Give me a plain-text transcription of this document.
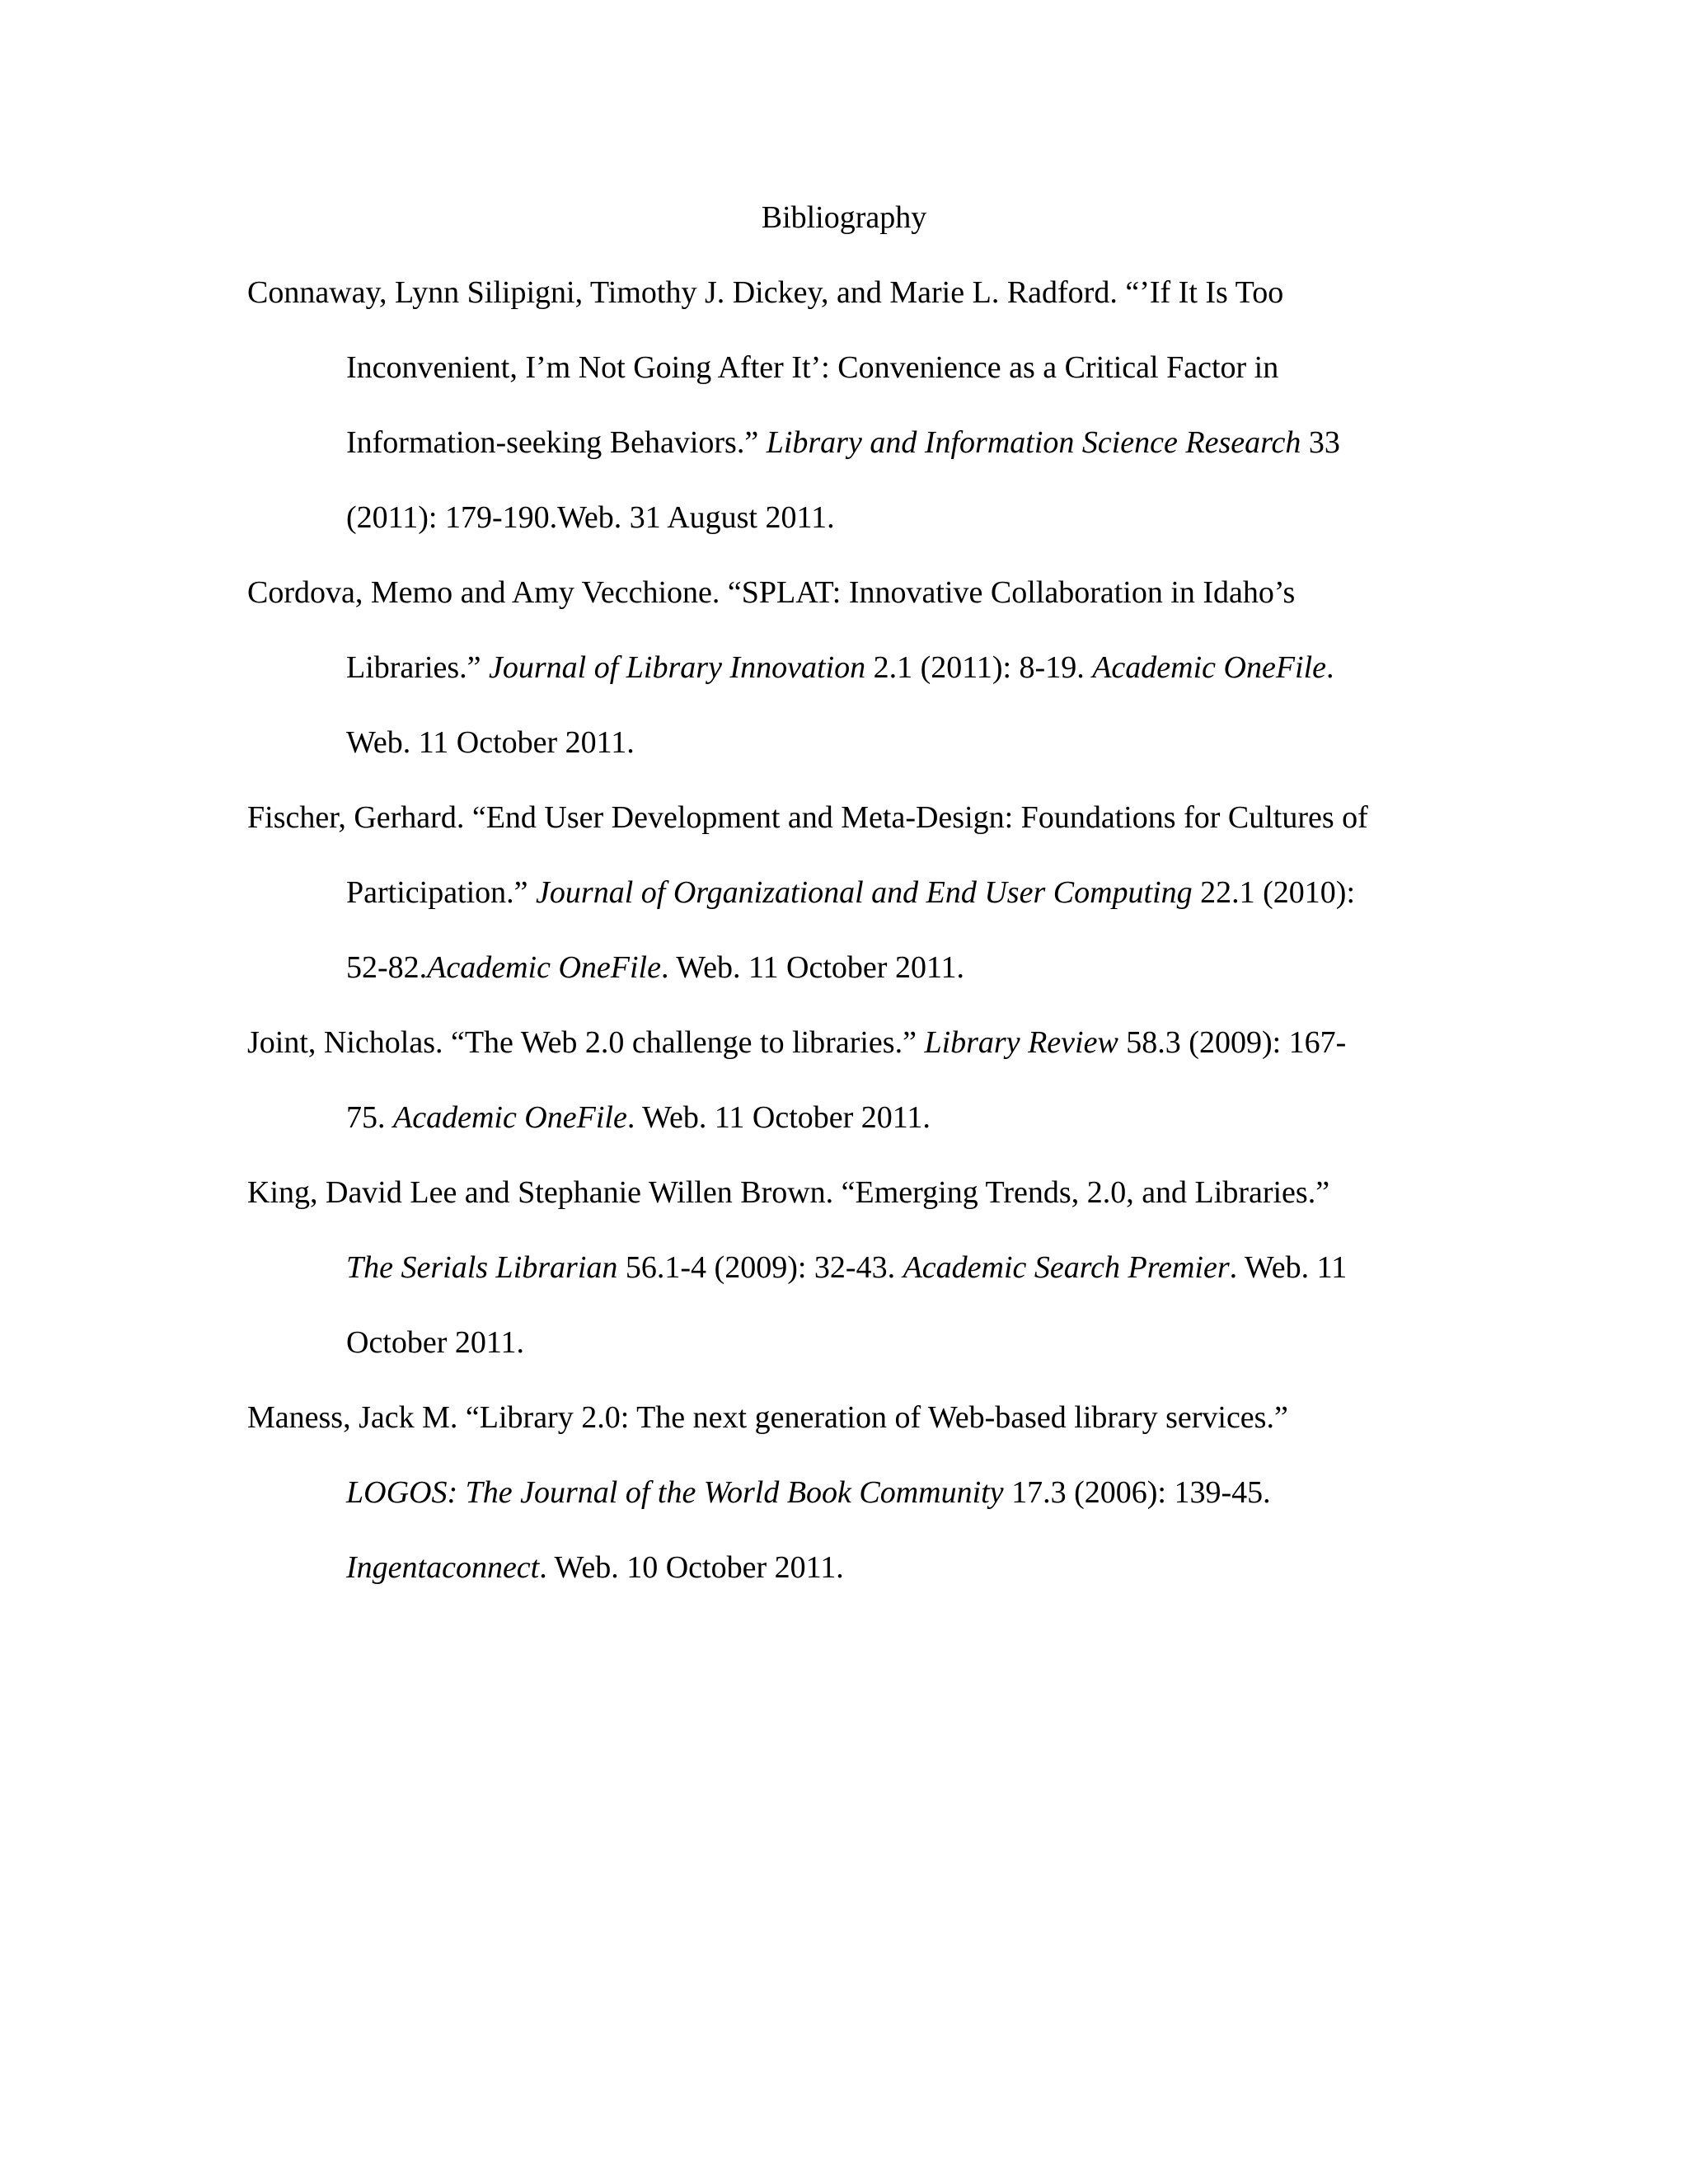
Bibliography

Connaway, Lynn Silipigni, Timothy J. Dickey, and Marie L. Radford. “’If It Is Too

Inconvenient, I’m Not Going After It’: Convenience as a Critical Factor in

Information-seeking Behaviors.” Library and Information Science Research 33

(2011): 179-190.Web. 31 August 2011.

Cordova, Memo and Amy Vecchione. “SPLAT: Innovative Collaboration in Idaho’s

Libraries.” Journal of Library Innovation 2.1 (2011): 8-19. Academic OneFile.

Web. 11 October 2011.

Fischer, Gerhard. “End User Development and Meta-Design: Foundations for Cultures of

Participation.” Journal of Organizational and End User Computing 22.1 (2010):

52-82.Academic OneFile. Web. 11 October 2011.

Joint, Nicholas. “The Web 2.0 challenge to libraries.” Library Review 58.3 (2009): 167-

75. Academic OneFile. Web. 11 October 2011.

King, David Lee and Stephanie Willen Brown. “Emerging Trends, 2.0, and Libraries.”

The Serials Librarian 56.1-4 (2009): 32-43. Academic Search Premier. Web. 11

October 2011.

Maness, Jack M. “Library 2.0: The next generation of Web-based library services.”

LOGOS: The Journal of the World Book Community 17.3 (2006): 139-45.

Ingentaconnect. Web. 10 October 2011.
